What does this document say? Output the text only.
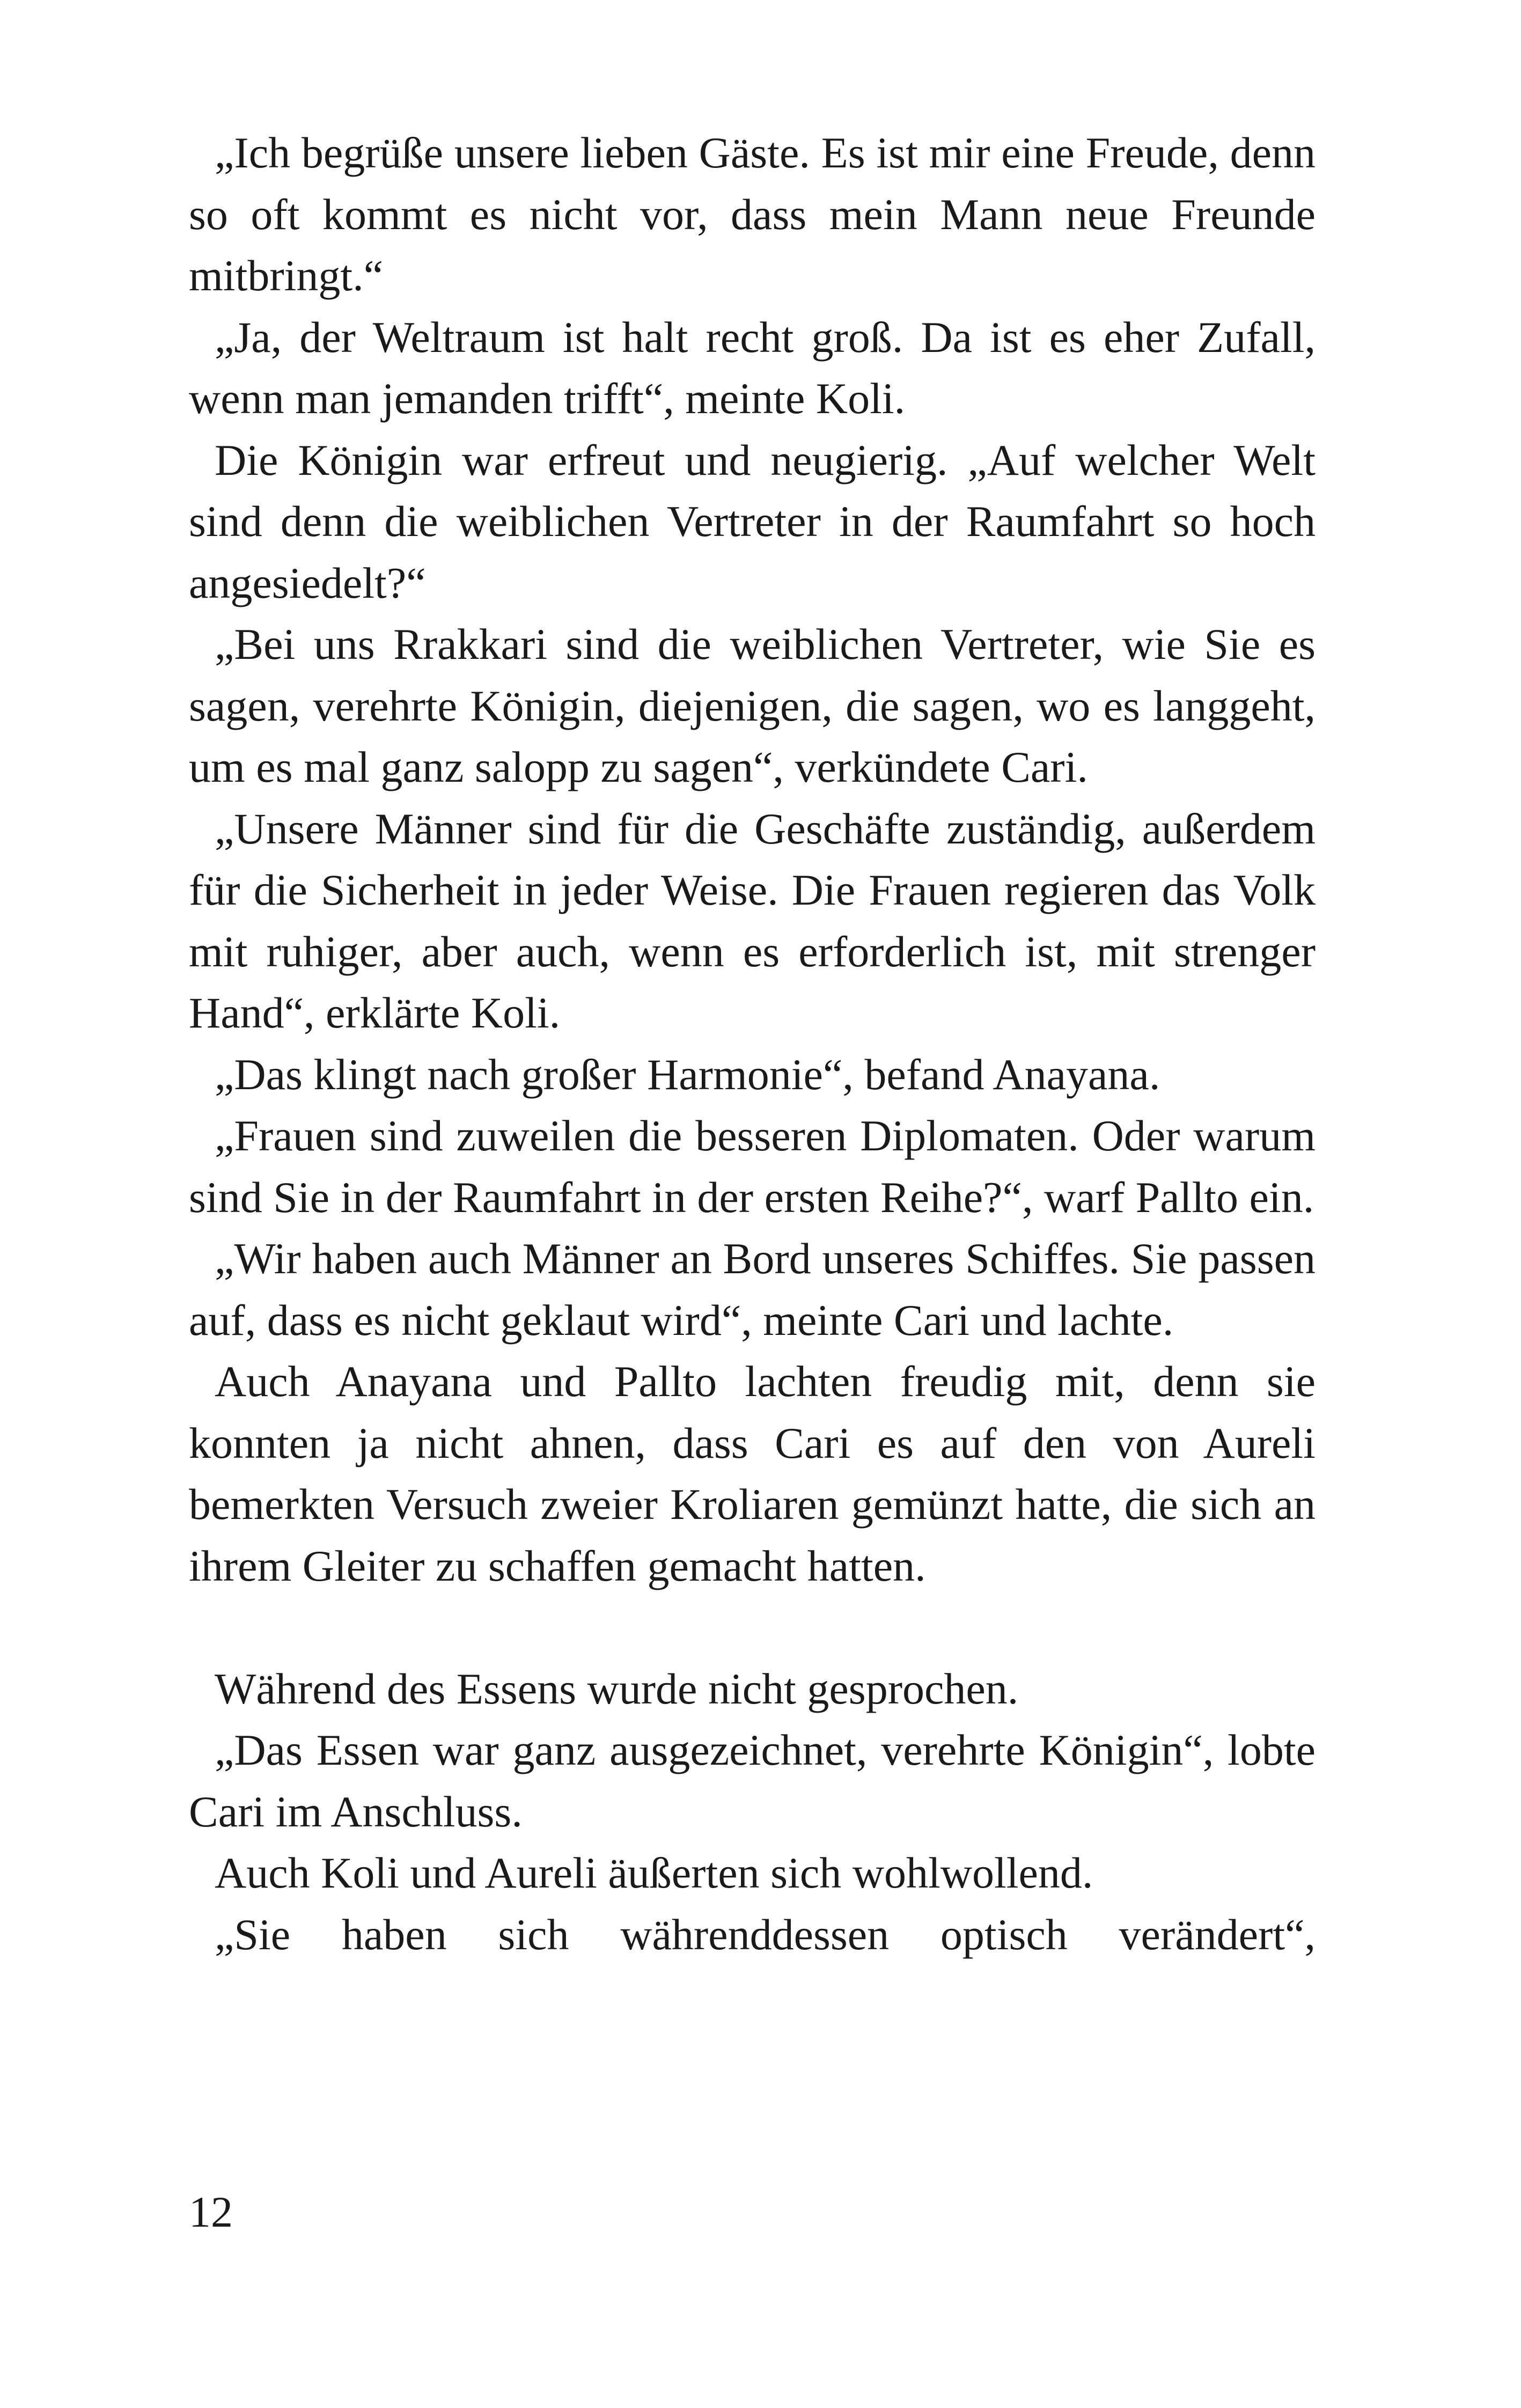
„Ich begrüße unsere lieben Gäste. Es ist mir eine Freude, denn so oft kommt es nicht vor, dass mein Mann neue Freunde mitbringt.“

„Ja, der Weltraum ist halt recht groß. Da ist es eher Zufall, wenn man jemanden trifft“, meinte Koli.

Die Königin war erfreut und neugierig. „Auf welcher Welt sind denn die weiblichen Vertreter in der Raumfahrt so hoch angesiedelt?“

„Bei uns Rrakkari sind die weiblichen Vertreter, wie Sie es sagen, verehrte Königin, diejenigen, die sagen, wo es langgeht, um es mal ganz salopp zu sagen“, verkündete Cari.

„Unsere Männer sind für die Geschäfte zuständig, außerdem für die Sicherheit in jeder Weise. Die Frauen regieren das Volk mit ruhiger, aber auch, wenn es erforderlich ist, mit strenger Hand“, erklärte Koli.

„Das klingt nach großer Harmonie“, befand Anayana.

„Frauen sind zuweilen die besseren Diplomaten. Oder warum sind Sie in der Raumfahrt in der ersten Reihe?“, warf Pallto ein.

„Wir haben auch Männer an Bord unseres Schiffes. Sie passen auf, dass es nicht geklaut wird“, meinte Cari und lachte.

Auch Anayana und Pallto lachten freudig mit, denn sie konnten ja nicht ahnen, dass Cari es auf den von Aureli bemerkten Versuch zweier Kroliaren gemünzt hatte, die sich an ihrem Gleiter zu schaffen gemacht hatten.

Während des Essens wurde nicht gesprochen.

„Das Essen war ganz ausgezeichnet, verehrte Königin“, lobte Cari im Anschluss.

Auch Koli und Aureli äußerten sich wohlwollend.

„Sie haben sich währenddessen optisch verändert“,

12
